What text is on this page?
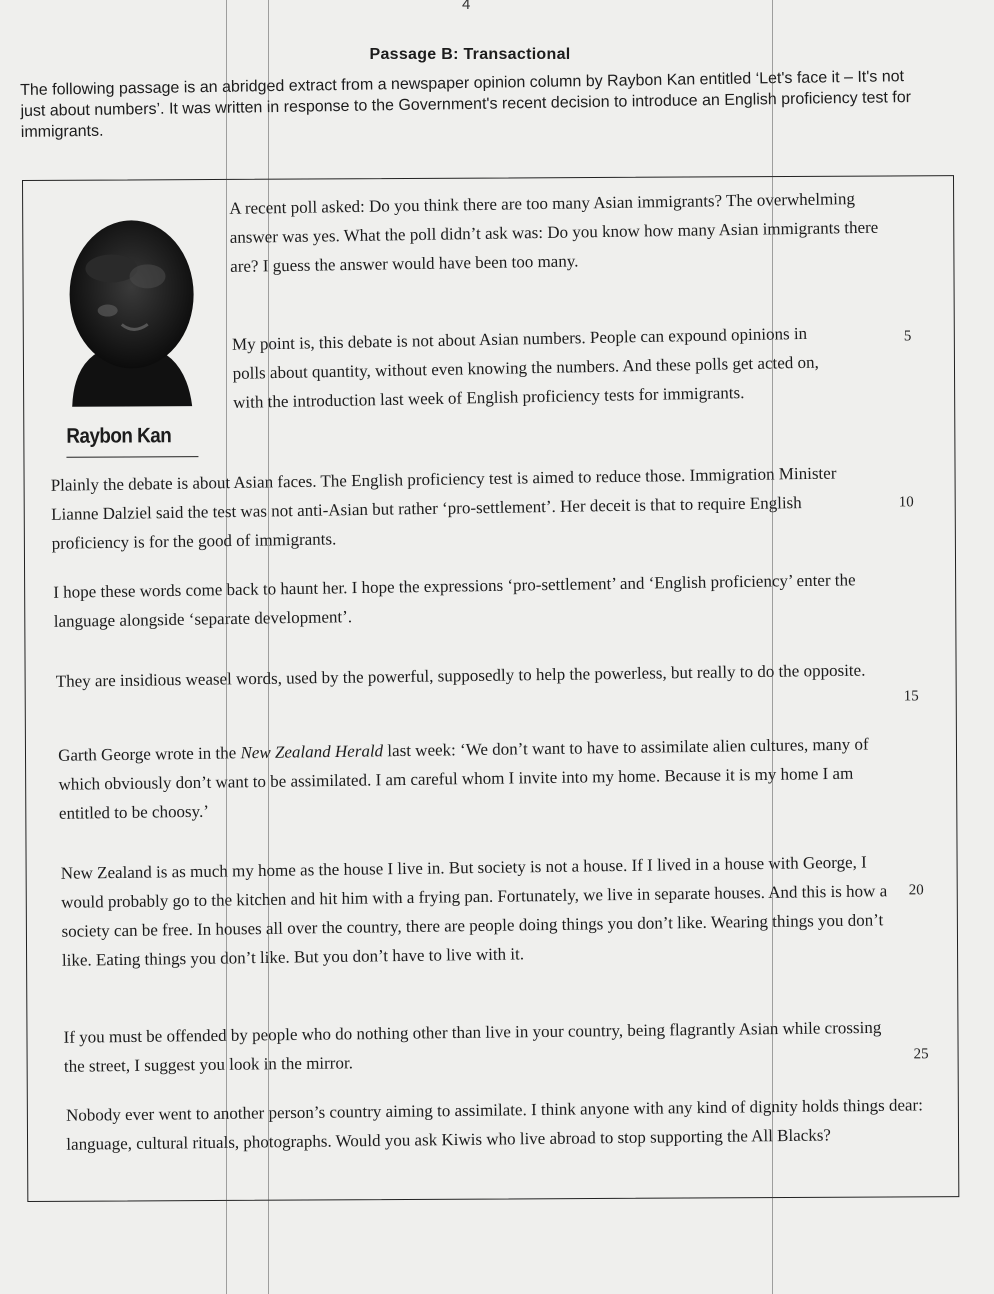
4
Passage B: Transactional
The following passage is an abridged extract from a newspaper opinion column by Raybon Kan entitled ‘Let's face it – It's not just about numbers’. It was written in response to the Government's recent decision to introduce an English proficiency test for immigrants.
Raybon Kan

A recent poll asked: Do you think there are too many Asian immigrants? The overwhelming answer was yes. What the poll didn’t ask was: Do you know how many Asian immigrants there are? I guess the answer would have been too many.

My point is, this debate is not about Asian numbers. People can expound opinions in polls about quantity, without even knowing the numbers. And these polls get acted on, with the introduction last week of English proficiency tests for immigrants.

Plainly the debate is about Asian faces. The English proficiency test is aimed to reduce those. Immigration Minister Lianne Dalziel said the test was not anti-Asian but rather ‘pro-settlement’. Her deceit is that to require English proficiency is for the good of immigrants.

I hope these words come back to haunt her. I hope the expressions ‘pro-settlement’ and ‘English proficiency’ enter the language alongside ‘separate development’.

They are insidious weasel words, used by the powerful, supposedly to help the powerless, but really to do the opposite.

Garth George wrote in the New Zealand Herald last week: ‘We don’t want to have to assimilate alien cultures, many of which obviously don’t want to be assimilated. I am careful whom I invite into my home. Because it is my home I am entitled to be choosy.’

New Zealand is as much my home as the house I live in. But society is not a house. If I lived in a house with George, I would probably go to the kitchen and hit him with a frying pan. Fortunately, we live in separate houses. And this is how a society can be free. In houses all over the country, there are people doing things you don’t like. Wearing things you don’t like. Eating things you don’t like. But you don’t have to live with it.

If you must be offended by people who do nothing other than live in your country, being flagrantly Asian while crossing the street, I suggest you look in the mirror.

Nobody ever went to another person’s country aiming to assimilate. I think anyone with any kind of dignity holds things dear: language, cultural rituals, photographs. Would you ask Kiwis who live abroad to stop supporting the All Blacks?

5
10
15
20
25
